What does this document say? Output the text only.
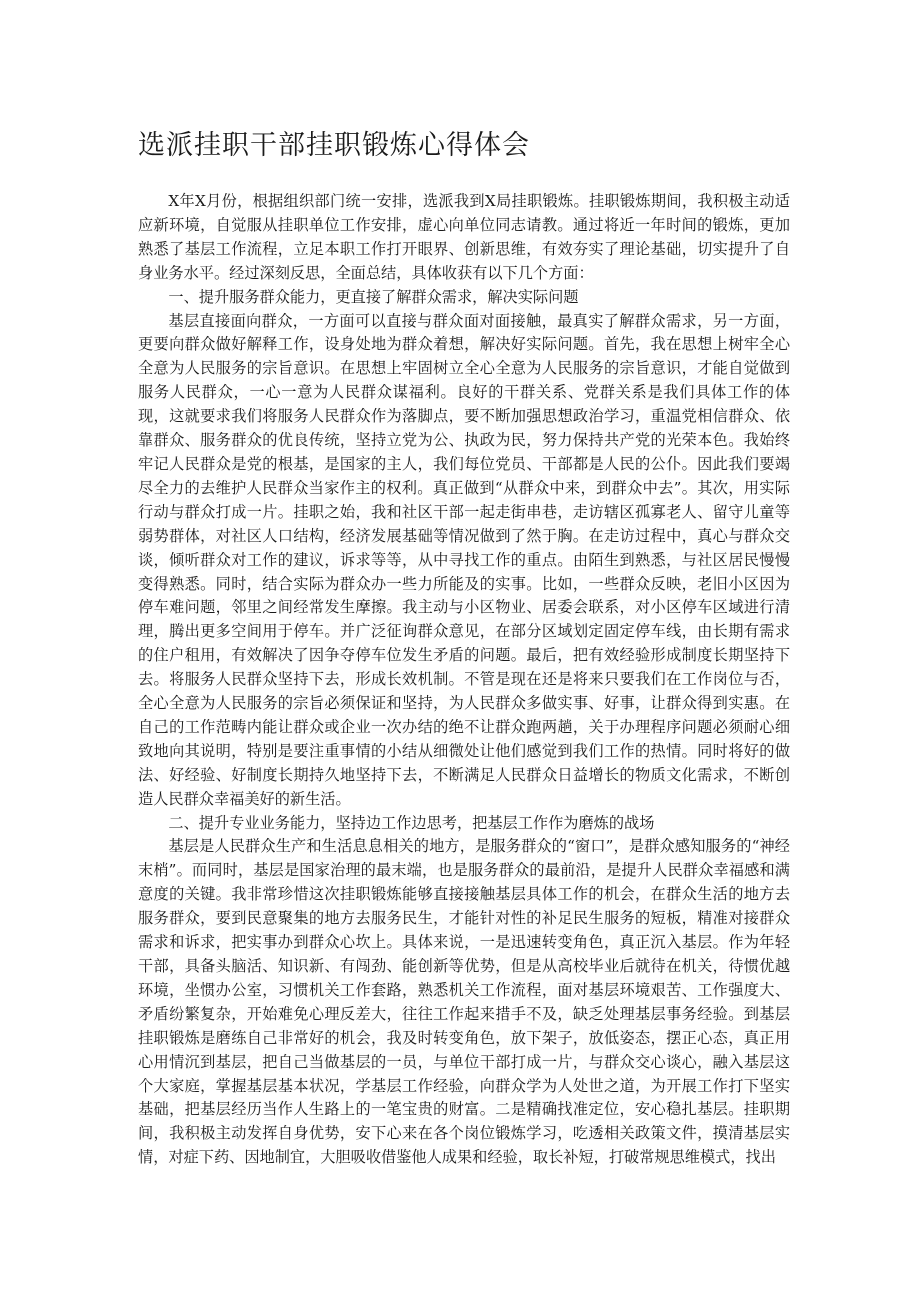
选派挂职干部挂职锻炼心得体会

X年X月份，根据组织部门统一安排，选派我到X局挂职锻炼。挂职锻炼期间，我积极主动适应新环境，自觉服从挂职单位工作安排，虚心向单位同志请教。通过将近一年时间的锻炼，更加熟悉了基层工作流程，立足本职工作打开眼界、创新思维，有效夯实了理论基础，切实提升了自身业务水平。经过深刻反思，全面总结，具体收获有以下几个方面：

一、提升服务群众能力，更直接了解群众需求，解决实际问题

基层直接面向群众，一方面可以直接与群众面对面接触，最真实了解群众需求，另一方面，更要向群众做好解释工作，设身处地为群众着想，解决好实际问题。首先，我在思想上树牢全心全意为人民服务的宗旨意识。在思想上牢固树立全心全意为人民服务的宗旨意识，才能自觉做到服务人民群众，一心一意为人民群众谋福利。良好的干群关系、党群关系是我们具体工作的体现，这就要求我们将服务人民群众作为落脚点，要不断加强思想政治学习，重温党相信群众、依靠群众、服务群众的优良传统，坚持立党为公、执政为民，努力保持共产党的光荣本色。我始终牢记人民群众是党的根基，是国家的主人，我们每位党员、干部都是人民的公仆。因此我们要竭尽全力的去维护人民群众当家作主的权利。真正做到“从群众中来，到群众中去”。其次，用实际行动与群众打成一片。挂职之始，我和社区干部一起走街串巷，走访辖区孤寡老人、留守儿童等弱势群体，对社区人口结构，经济发展基础等情况做到了然于胸。在走访过程中，真心与群众交谈，倾听群众对工作的建议，诉求等等，从中寻找工作的重点。由陌生到熟悉，与社区居民慢慢变得熟悉。同时，结合实际为群众办一些力所能及的实事。比如，一些群众反映，老旧小区因为停车难问题，邻里之间经常发生摩擦。我主动与小区物业、居委会联系，对小区停车区域进行清理，腾出更多空间用于停车。并广泛征询群众意见，在部分区域划定固定停车线，由长期有需求的住户租用，有效解决了因争夺停车位发生矛盾的问题。最后，把有效经验形成制度长期坚持下去。将服务人民群众坚持下去，形成长效机制。不管是现在还是将来只要我们在工作岗位与否，全心全意为人民服务的宗旨必须保证和坚持，为人民群众多做实事、好事，让群众得到实惠。在自己的工作范畴内能让群众或企业一次办结的绝不让群众跑两趟，关于办理程序问题必须耐心细致地向其说明，特别是要注重事情的小结从细微处让他们感觉到我们工作的热情。同时将好的做法、好经验、好制度长期持久地坚持下去，不断满足人民群众日益增长的物质文化需求，不断创造人民群众幸福美好的新生活。

二、提升专业业务能力，坚持边工作边思考，把基层工作作为磨炼的战场

基层是人民群众生产和生活息息相关的地方，是服务群众的“窗口”，是群众感知服务的“神经末梢”。而同时，基层是国家治理的最末端，也是服务群众的最前沿，是提升人民群众幸福感和满意度的关键。我非常珍惜这次挂职锻炼能够直接接触基层具体工作的机会，在群众生活的地方去服务群众，要到民意聚集的地方去服务民生，才能针对性的补足民生服务的短板，精准对接群众需求和诉求，把实事办到群众心坎上。具体来说，一是迅速转变角色，真正沉入基层。作为年轻干部，具备头脑活、知识新、有闯劲、能创新等优势，但是从高校毕业后就待在机关，待惯优越环境，坐惯办公室，习惯机关工作套路，熟悉机关工作流程，面对基层环境艰苦、工作强度大、矛盾纷繁复杂，开始难免心理反差大，往往工作起来措手不及，缺乏处理基层事务经验。到基层挂职锻炼是磨练自己非常好的机会，我及时转变角色，放下架子，放低姿态，摆正心态，真正用心用情沉到基层，把自己当做基层的一员，与单位干部打成一片，与群众交心谈心，融入基层这个大家庭，掌握基层基本状况，学基层工作经验，向群众学为人处世之道，为开展工作打下坚实基础，把基层经历当作人生路上的一笔宝贵的财富。二是精确找准定位，安心稳扎基层。挂职期间，我积极主动发挥自身优势，安下心来在各个岗位锻炼学习，吃透相关政策文件，摸清基层实情，对症下药、因地制宜，大胆吸收借鉴他人成果和经验，取长补短，打破常规思维模式，找出
